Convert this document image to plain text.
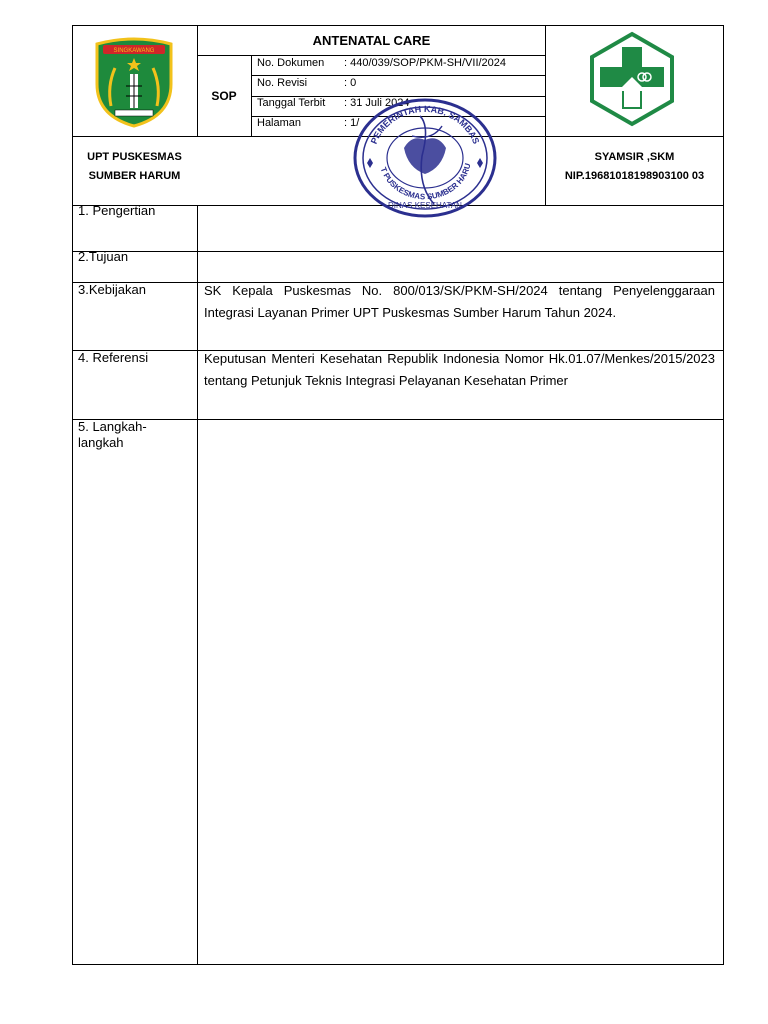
SINGKAWANG
ANTENATAL CARE
SOP
No. Dokumen : 440/039/SOP/PKM-SH/VII/2024
No. Revisi	: 0
Tanggal Terbit : 31 Juli 2024
Halaman	: 1/
UPT PUSKESMAS
SUMBER HARUM
PEMERINTAH KAB. SAMBAS
T PUSKESMAS SUMBER HARU
DINAS KESEHATAN
SYAMSIR ,SKM
NIP.19681018198903100 03
1. Pengertian
2.Tujuan
3.Kebijakan	SK Kepala Puskesmas No. 800/013/SK/PKM-SH/2024 tentang Penyelenggaraan Integrasi Layanan Primer UPT Puskesmas Sumber Harum Tahun 2024.
4. Referensi	Keputusan Menteri Kesehatan Republik Indonesia Nomor Hk.01.07/Menkes/2015/2023 tentang Petunjuk Teknis Integrasi Pelayanan Kesehatan Primer
5. Langkah-langkah
